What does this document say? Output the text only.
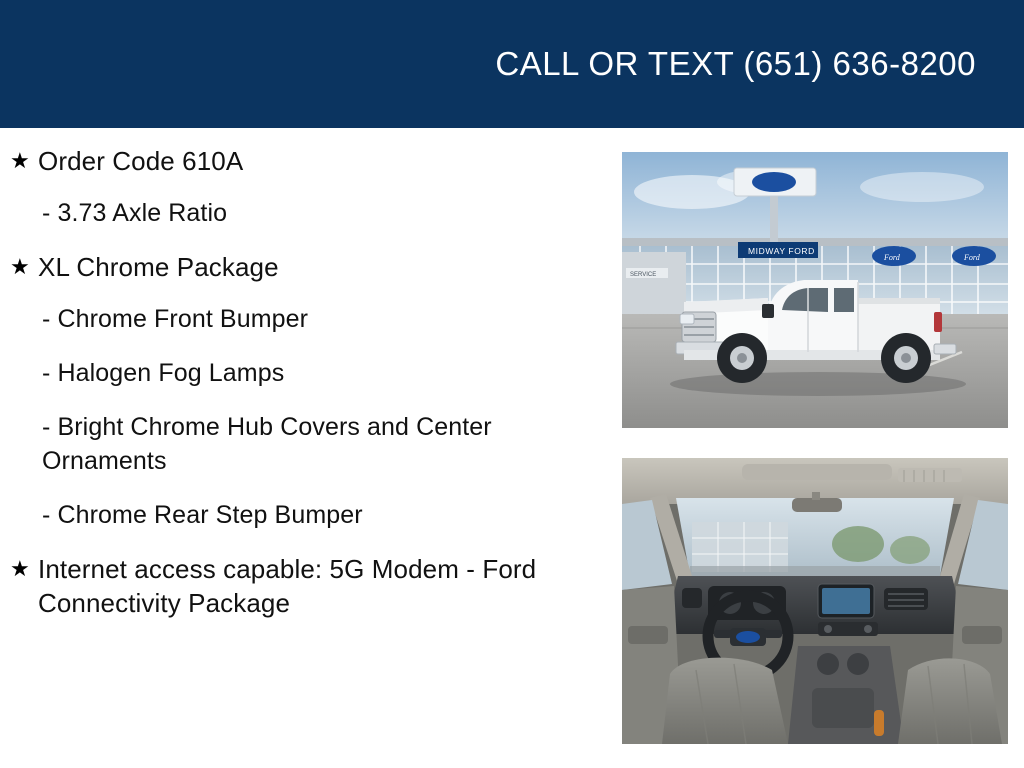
CALL OR TEXT (651) 636-8200
★ Order Code 610A
- 3.73 Axle Ratio
★ XL Chrome Package
- Chrome Front Bumper
- Halogen Fog Lamps
- Bright Chrome Hub Covers and Center Ornaments
- Chrome Rear Step Bumper
★ Internet access capable: 5G Modem - Ford Connectivity Package
SERVICE
MIDWAY FORD
Ford	Ford
